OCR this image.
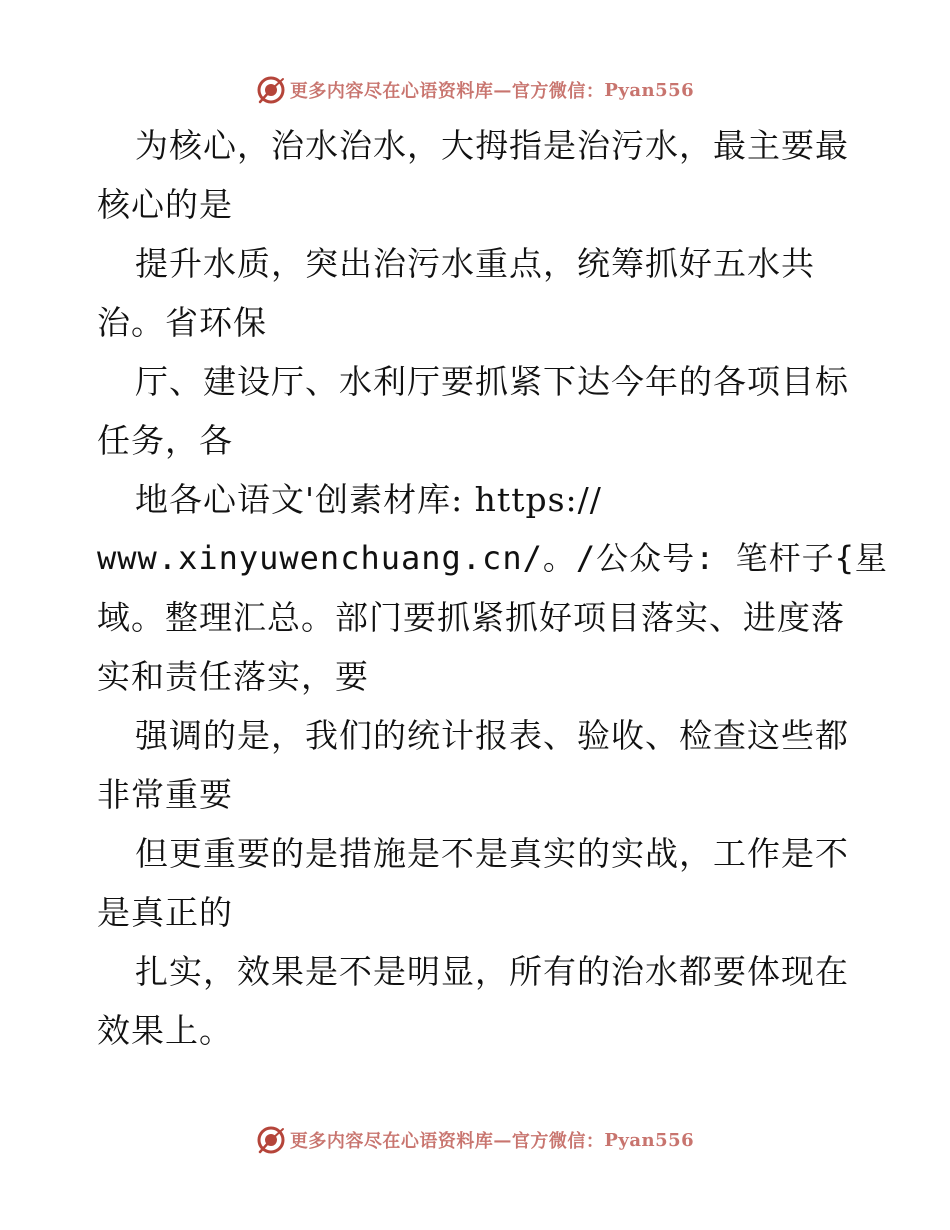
更多内容尽在心语资料库 — 官方微信： Pyan556
为核心，治水治水，大拇指是治污水，最主要最
核心的是
提升水质，突出治污水重点，统筹抓好五水共
治。省环保
厅、建设厅、水利厅要抓紧下达今年的各项目标
任务，各
地各心语文'创素材库: https://
www.xinyuwenchuang.cn/。/公众号: 笔杆子{星
域。整理汇总。部门要抓紧抓好项目落实、进度落
实和责任落实，要
强调的是，我们的统计报表、验收、检查这些都
非常重要
但更重要的是措施是不是真实的实战，工作是不
是真正的
扎实，效果是不是明显，所有的治水都要体现在
效果上。
更多内容尽在心语资料库 — 官方微信： Pyan556
